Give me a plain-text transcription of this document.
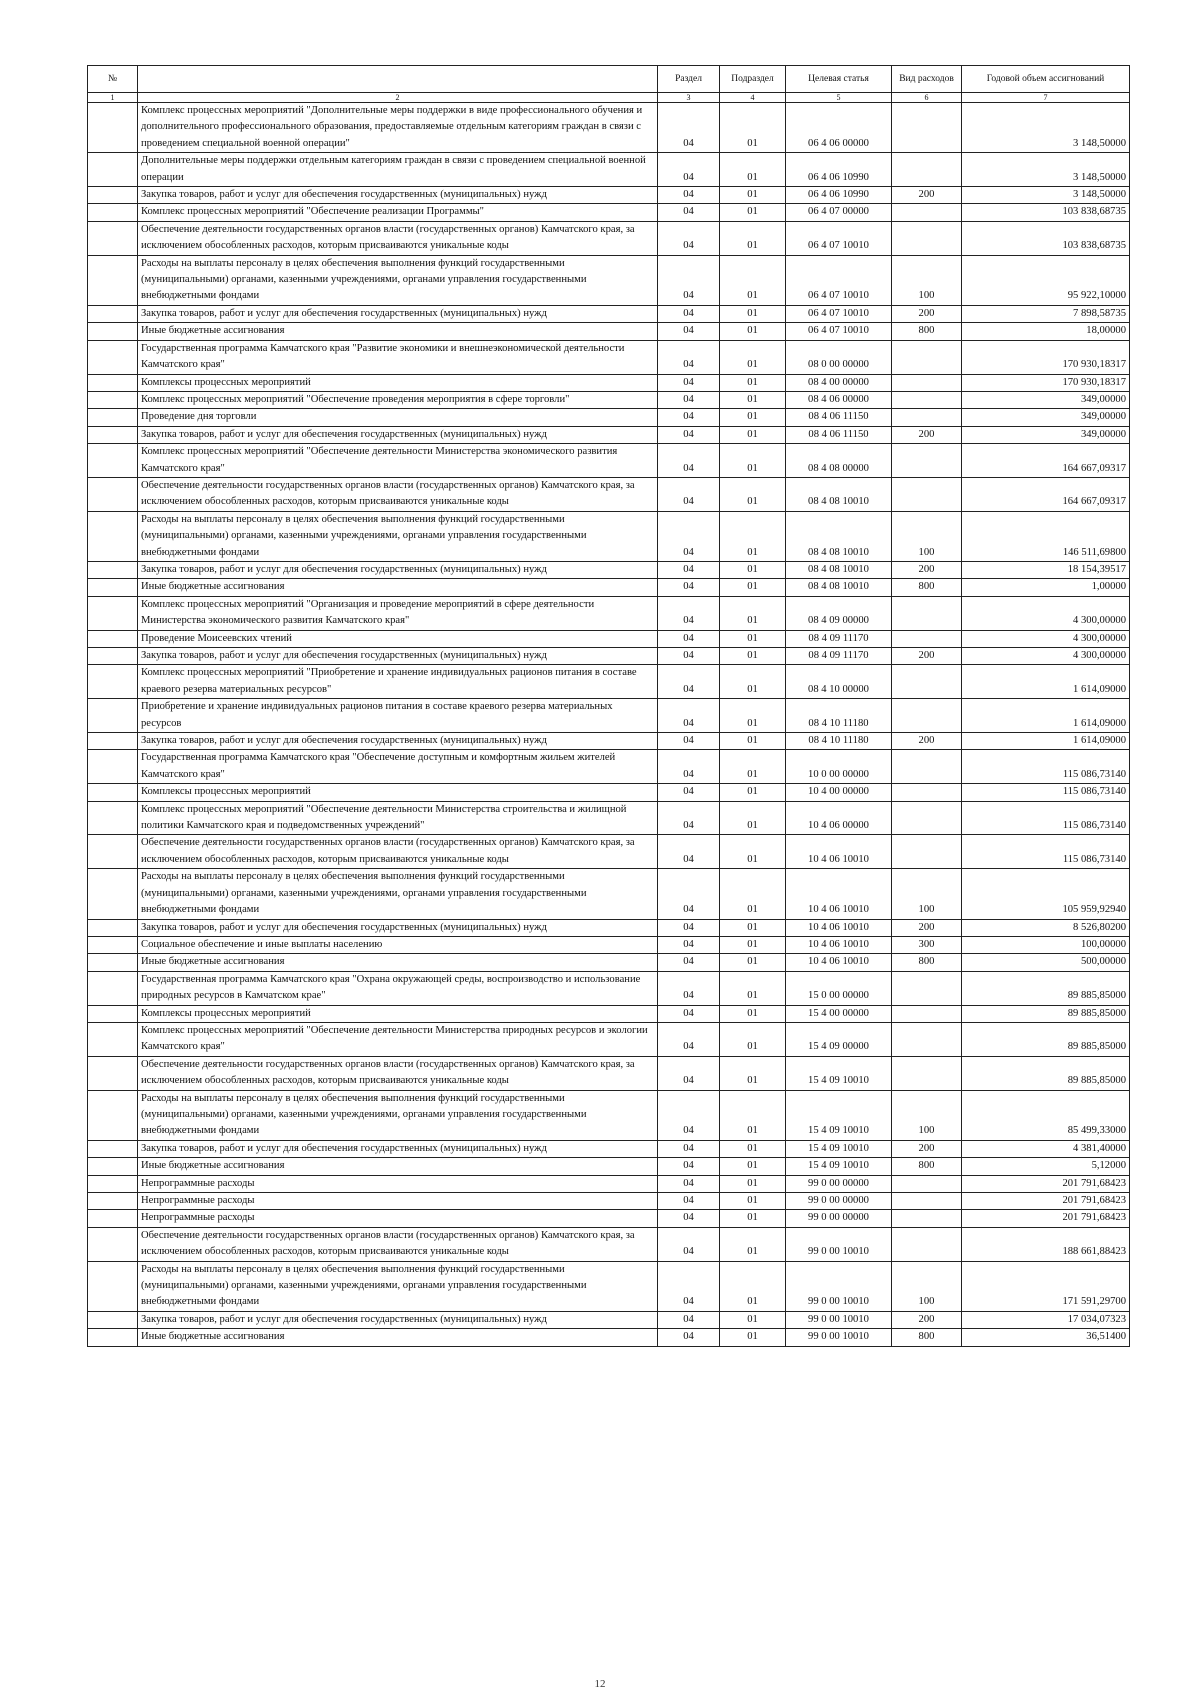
№		Раздел	Подраздел	Целевая статья	Вид расходов	Годовой объем ассигнований
1	2	3	4	5	6	7
	Комплекс процессных мероприятий "Дополнительные меры поддержки в виде профессионального обучения и дополнительного профессионального образования, предоставляемые отдельным категориям граждан в связи с проведением специальной военной операции"	04	01	06 4 06 00000		3 148,50000
	Дополнительные меры поддержки отдельным категориям граждан в связи с проведением специальной военной операции	04	01	06 4 06 10990		3 148,50000
	Закупка товаров, работ и услуг для обеспечения государственных (муниципальных) нужд	04	01	06 4 06 10990	200	3 148,50000
	Комплекс процессных мероприятий "Обеспечение реализации Программы"	04	01	06 4 07 00000		103 838,68735
	Обеспечение деятельности государственных органов власти (государственных органов) Камчатского края, за исключением обособленных расходов, которым присваиваются уникальные коды	04	01	06 4 07 10010		103 838,68735
	Расходы на выплаты персоналу в целях обеспечения выполнения функций государственными (муниципальными) органами, казенными учреждениями, органами управления государственными внебюджетными фондами	04	01	06 4 07 10010	100	95 922,10000
	Закупка товаров, работ и услуг для обеспечения государственных (муниципальных) нужд	04	01	06 4 07 10010	200	7 898,58735
	Иные бюджетные ассигнования	04	01	06 4 07 10010	800	18,00000
	Государственная программа Камчатского края "Развитие экономики и внешнеэкономической деятельности Камчатского края"	04	01	08 0 00 00000		170 930,18317
	Комплексы процессных мероприятий	04	01	08 4 00 00000		170 930,18317
	Комплекс процессных мероприятий "Обеспечение проведения мероприятия в сфере торговли"	04	01	08 4 06 00000		349,00000
	Проведение дня торговли	04	01	08 4 06 11150		349,00000
	Закупка товаров, работ и услуг для обеспечения государственных (муниципальных) нужд	04	01	08 4 06 11150	200	349,00000
	Комплекс процессных мероприятий "Обеспечение деятельности Министерства экономического развития Камчатского края"	04	01	08 4 08 00000		164 667,09317
	Обеспечение деятельности государственных органов власти (государственных органов) Камчатского края, за исключением обособленных расходов, которым присваиваются уникальные коды	04	01	08 4 08 10010		164 667,09317
	Расходы на выплаты персоналу в целях обеспечения выполнения функций государственными (муниципальными) органами, казенными учреждениями, органами управления государственными внебюджетными фондами	04	01	08 4 08 10010	100	146 511,69800
	Закупка товаров, работ и услуг для обеспечения государственных (муниципальных) нужд	04	01	08 4 08 10010	200	18 154,39517
	Иные бюджетные ассигнования	04	01	08 4 08 10010	800	1,00000
	Комплекс процессных мероприятий "Организация и проведение мероприятий в сфере деятельности Министерства экономического развития Камчатского края"	04	01	08 4 09 00000		4 300,00000
	Проведение Моисеевских чтений	04	01	08 4 09 11170		4 300,00000
	Закупка товаров, работ и услуг для обеспечения государственных (муниципальных) нужд	04	01	08 4 09 11170	200	4 300,00000
	Комплекс процессных мероприятий "Приобретение и хранение индивидуальных рационов питания в составе краевого резерва материальных ресурсов"	04	01	08 4 10 00000		1 614,09000
	Приобретение и хранение индивидуальных рационов питания в составе краевого резерва материальных ресурсов	04	01	08 4 10 11180		1 614,09000
	Закупка товаров, работ и услуг для обеспечения государственных (муниципальных) нужд	04	01	08 4 10 11180	200	1 614,09000
	Государственная программа Камчатского края "Обеспечение доступным и комфортным жильем жителей Камчатского края"	04	01	10 0 00 00000		115 086,73140
	Комплексы процессных мероприятий	04	01	10 4 00 00000		115 086,73140
	Комплекс процессных мероприятий "Обеспечение деятельности Министерства строительства и жилищной политики Камчатского края и подведомственных учреждений"	04	01	10 4 06 00000		115 086,73140
	Обеспечение деятельности государственных органов власти (государственных органов) Камчатского края, за исключением обособленных расходов, которым присваиваются уникальные коды	04	01	10 4 06 10010		115 086,73140
	Расходы на выплаты персоналу в целях обеспечения выполнения функций государственными (муниципальными) органами, казенными учреждениями, органами управления государственными внебюджетными фондами	04	01	10 4 06 10010	100	105 959,92940
	Закупка товаров, работ и услуг для обеспечения государственных (муниципальных) нужд	04	01	10 4 06 10010	200	8 526,80200
	Социальное обеспечение и иные выплаты населению	04	01	10 4 06 10010	300	100,00000
	Иные бюджетные ассигнования	04	01	10 4 06 10010	800	500,00000
	Государственная программа Камчатского края "Охрана окружающей среды, воспроизводство и использование природных ресурсов в Камчатском крае"	04	01	15 0 00 00000		89 885,85000
	Комплексы процессных мероприятий	04	01	15 4 00 00000		89 885,85000
	Комплекс процессных мероприятий "Обеспечение деятельности Министерства природных ресурсов и экологии Камчатского края"	04	01	15 4 09 00000		89 885,85000
	Обеспечение деятельности государственных органов власти (государственных органов) Камчатского края, за исключением обособленных расходов, которым присваиваются уникальные коды	04	01	15 4 09 10010		89 885,85000
	Расходы на выплаты персоналу в целях обеспечения выполнения функций государственными (муниципальными) органами, казенными учреждениями, органами управления государственными внебюджетными фондами	04	01	15 4 09 10010	100	85 499,33000
	Закупка товаров, работ и услуг для обеспечения государственных (муниципальных) нужд	04	01	15 4 09 10010	200	4 381,40000
	Иные бюджетные ассигнования	04	01	15 4 09 10010	800	5,12000
	Непрограммные расходы	04	01	99 0 00 00000		201 791,68423
	Непрограммные расходы	04	01	99 0 00 00000		201 791,68423
	Непрограммные расходы	04	01	99 0 00 00000		201 791,68423
	Обеспечение деятельности государственных органов власти (государственных органов) Камчатского края, за исключением обособленных расходов, которым присваиваются уникальные коды	04	01	99 0 00 10010		188 661,88423
	Расходы на выплаты персоналу в целях обеспечения выполнения функций государственными (муниципальными) органами, казенными учреждениями, органами управления государственными внебюджетными фондами	04	01	99 0 00 10010	100	171 591,29700
	Закупка товаров, работ и услуг для обеспечения государственных (муниципальных) нужд	04	01	99 0 00 10010	200	17 034,07323
	Иные бюджетные ассигнования	04	01	99 0 00 10010	800	36,51400
12
